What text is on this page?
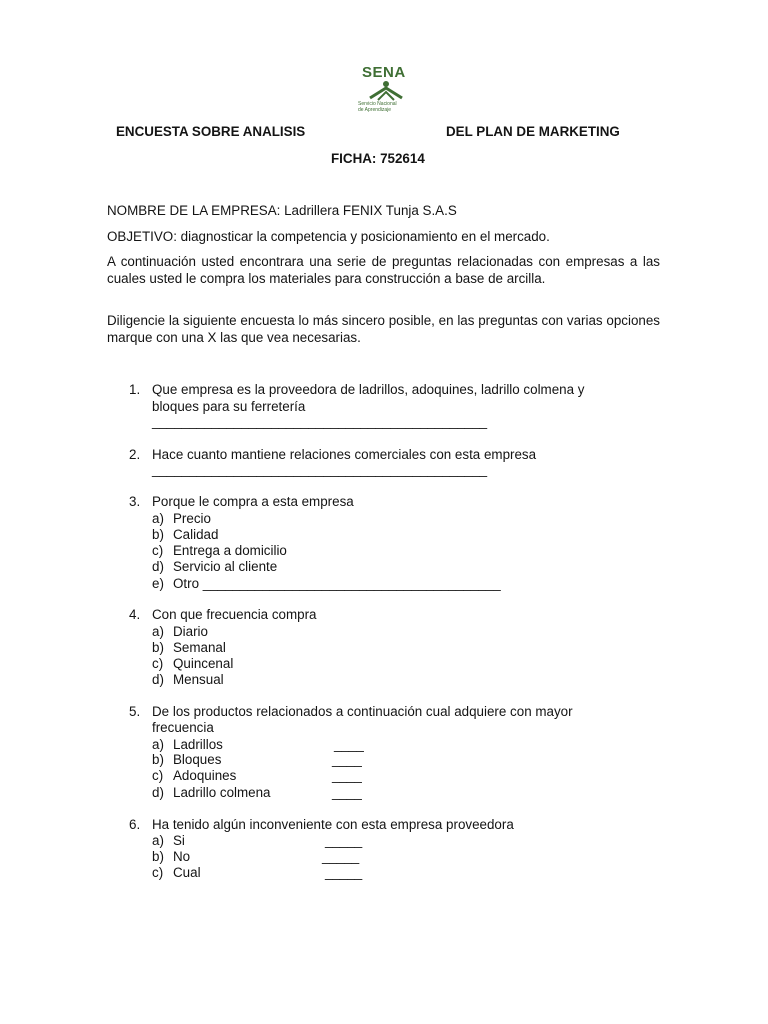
SENA
Servicio Nacional
de Aprendizaje
ENCUESTA SOBRE ANALISIS	DEL PLAN DE MARKETING
FICHA: 752614
NOMBRE DE LA EMPRESA: Ladrillera FENIX Tunja S.A.S
OBJETIVO: diagnosticar la competencia y posicionamiento en el mercado.
A continuación usted encontrara una serie de preguntas relacionadas con empresas a las cuales usted le compra los materiales para construcción a base de arcilla.
Diligencie la siguiente encuesta lo más sincero posible, en las preguntas con varias opciones marque con una X las que vea necesarias.
1. Que empresa es la proveedora de ladrillos, adoquines, ladrillo colmena y
bloques para su ferretería
_____________________________________________
2. Hace cuanto mantiene relaciones comerciales con esta empresa
_____________________________________________
3. Porque le compra a esta empresa
a) Precio
b) Calidad
c) Entrega a domicilio
d) Servicio al cliente
e) Otro ________________________________________
4. Con que frecuencia compra
a) Diario
b) Semanal
c) Quincenal
d) Mensual
5. De los productos relacionados a continuación cual adquiere con mayor
frecuencia
a) Ladrillos	____
b) Bloques	____
c) Adoquines	____
d) Ladrillo colmena	____
6. Ha tenido algún inconveniente con esta empresa proveedora
a) Si	_____
b) No	_____
c) Cual	_____
